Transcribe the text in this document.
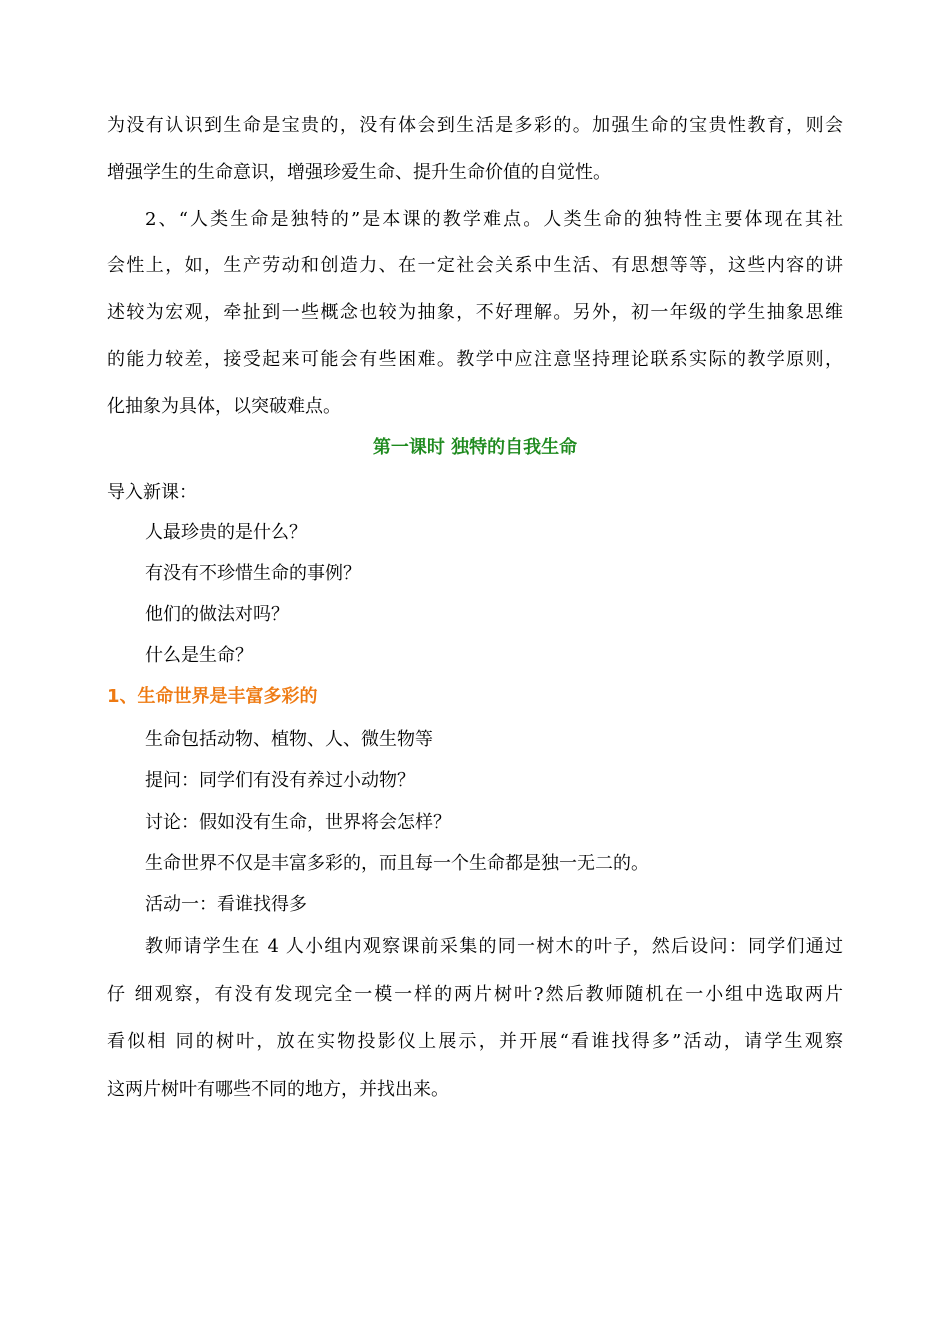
为没有认识到生命是宝贵的，没有体会到生活是多彩的。加强生命的宝贵性教育，则会
增强学生的生命意识，增强珍爱生命、提升生命价值的自觉性。
2、“人类生命是独特的”是本课的教学难点。人类生命的独特性主要体现在其社
会性上，如，生产劳动和创造力、在一定社会关系中生活、有思想等等，这些内容的讲
述较为宏观，牵扯到一些概念也较为抽象，不好理解。另外，初一年级的学生抽象思维
的能力较差，接受起来可能会有些困难。教学中应注意坚持理论联系实际的教学原则，
化抽象为具体，以突破难点。
第一课时 独特的自我生命
导入新课：
人最珍贵的是什么？
有没有不珍惜生命的事例？
他们的做法对吗？
什么是生命？
1、生命世界是丰富多彩的
生命包括动物、植物、人、微生物等
提问：同学们有没有养过小动物？
讨论：假如没有生命，世界将会怎样？
生命世界不仅是丰富多彩的，而且每一个生命都是独一无二的。
活动一：看谁找得多
教师请学生在 4 人小组内观察课前采集的同一树木的叶子，然后设问：同学们通过
仔 细观察，有没有发现完全一模一样的两片树叶?然后教师随机在一小组中选取两片
看似相 同的树叶，放在实物投影仪上展示，并开展“看谁找得多”活动，请学生观察
这两片树叶有哪些不同的地方，并找出来。
